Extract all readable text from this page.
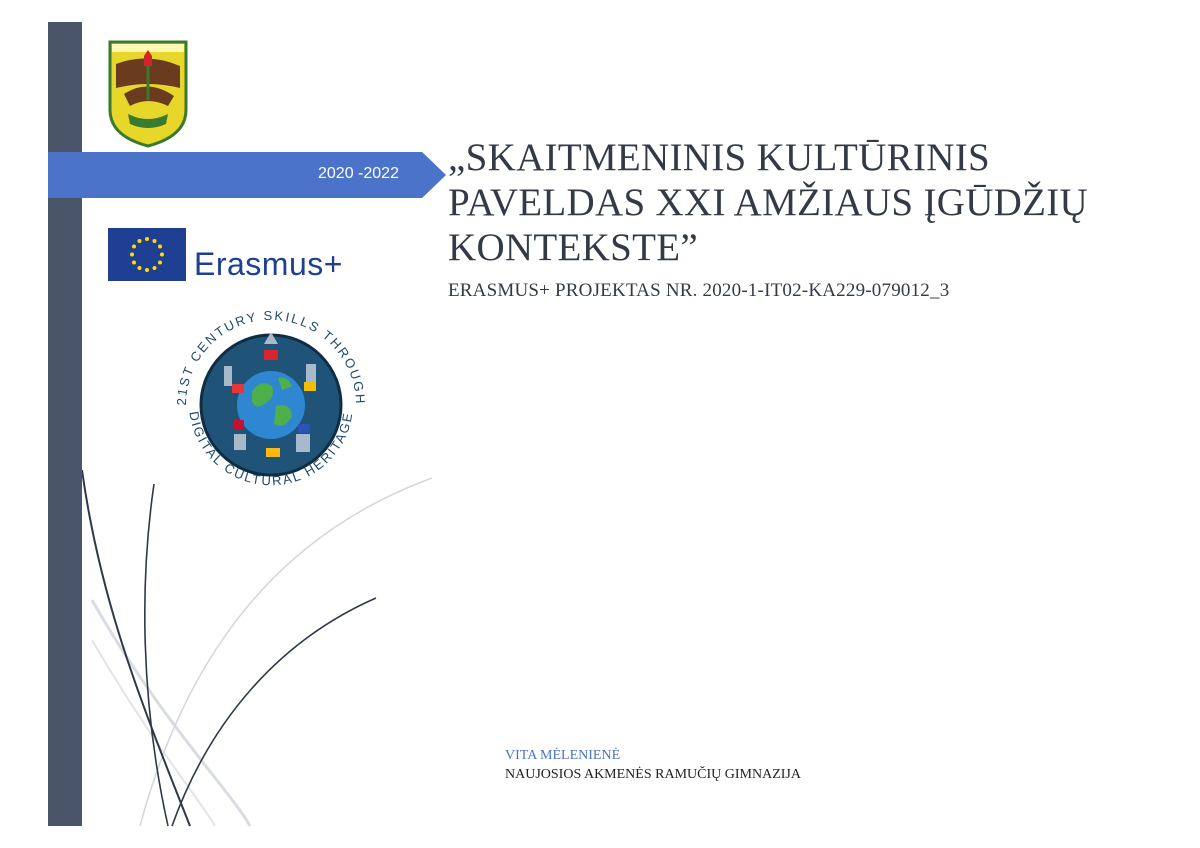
2020 -2022
Erasmus+
21ST CENTURY SKILLS THROUGH
DIGITAL CULTURAL HERITAGE
„SKAITMENINIS KULTŪRINIS
PAVELDAS XXI AMŽIAUS ĮGŪDŽIŲ
KONTEKSTE”
ERASMUS+ PROJEKTAS NR. 2020-1-IT02-KA229-079012_3
VITA MĖLENIENĖ
NAUJOSIOS AKMENĖS RAMUČIŲ GIMNAZIJA
